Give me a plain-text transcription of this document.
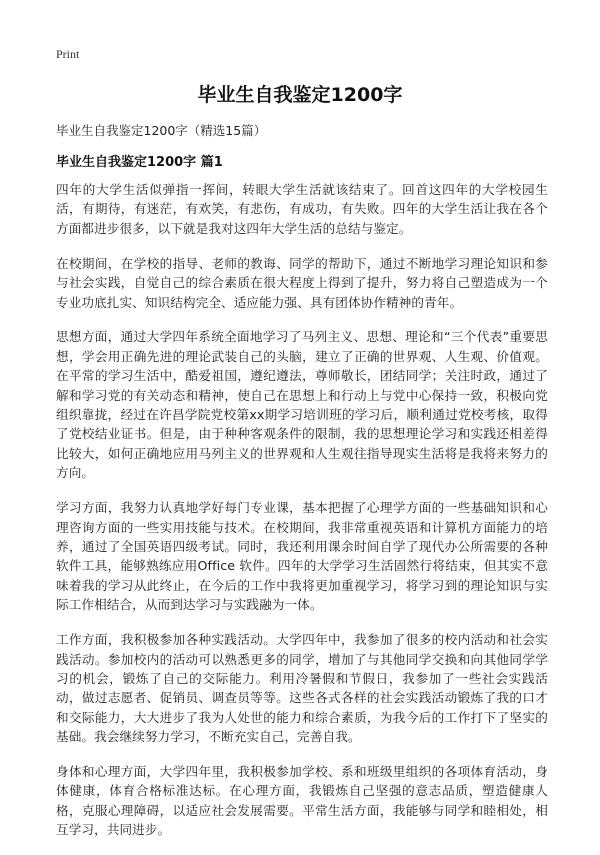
Print
毕业生自我鉴定1200字
毕业生自我鉴定1200字（精选15篇）
毕业生自我鉴定1200字 篇1

四年的大学生活似弹指一挥间，转眼大学生活就该结束了。回首这四年的大学校园生活，有期待，有迷茫，有欢笑，有悲伤，有成功，有失败。四年的大学生活让我在各个方面都进步很多，以下就是我对这四年大学生活的总结与鉴定。

在校期间，在学校的指导、老师的教诲、同学的帮助下，通过不断地学习理论知识和参与社会实践，自觉自己的综合素质在很大程度上得到了提升，努力将自己塑造成为一个专业功底扎实、知识结构完全、适应能力强、具有团体协作精神的青年。

思想方面，通过大学四年系统全面地学习了马列主义、思想、理论和“三个代表”重要思想，学会用正确先进的理论武装自己的头脑，建立了正确的世界观、人生观、价值观。在平常的学习生活中，酷爱祖国，遵纪遵法，尊师敬长，团结同学；关注时政，通过了解和学习党的有关动态和精神，使自己在思想上和行动上与党中心保持一致，积极向党组织靠拢，经过在许昌学院党校第xx期学习培训班的学习后，顺利通过党校考核，取得了党校结业证书。但是，由于种种客观条件的限制，我的思想理论学习和实践还相差得比较大，如何正确地应用马列主义的世界观和人生观往指导现实生活将是我将来努力的方向。

学习方面，我努力认真地学好每门专业课，基本把握了心理学方面的一些基础知识和心理咨询方面的一些实用技能与技术。在校期间，我非常重视英语和计算机方面能力的培养，通过了全国英语四级考试。同时，我还利用课余时间自学了现代办公所需要的各种软件工具，能够熟练应用Office 软件。四年的大学学习生活固然行将结束，但其实不意味着我的学习从此终止，在今后的工作中我将更加重视学习，将学习到的理论知识与实际工作相结合，从而到达学习与实践融为一体。

工作方面，我积极参加各种实践活动。大学四年中，我参加了很多的校内活动和社会实践活动。参加校内的活动可以熟悉更多的同学，增加了与其他同学交换和向其他同学学习的机会，锻炼了自己的交际能力。利用冷暑假和节假日，我参加了一些社会实践活动，做过志愿者、促销员、调查员等等。这些各式各样的社会实践活动锻炼了我的口才和交际能力，大大进步了我为人处世的能力和综合素质，为我今后的工作打下了坚实的基础。我会继续努力学习，不断充实自己，完善自我。

身体和心理方面，大学四年里，我积极参加学校、系和班级里组织的各项体育活动，身体健康，体育合格标准达标。在心理方面，我锻炼自己坚强的意志品质，塑造健康人格，克服心理障碍，以适应社会发展需要。平常生活方面，我能够与同学和睦相处，相互学习，共同进步。
